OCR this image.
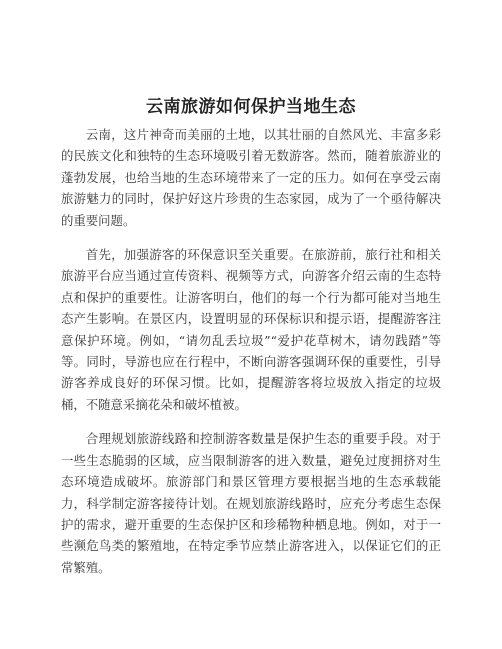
云南旅游如何保护当地生态

云南，这片神奇而美丽的土地，以其壮丽的自然风光、丰富多彩的民族文化和独特的生态环境吸引着无数游客。然而，随着旅游业的蓬勃发展，也给当地的生态环境带来了一定的压力。如何在享受云南旅游魅力的同时，保护好这片珍贵的生态家园，成为了一个亟待解决的重要问题。

首先，加强游客的环保意识至关重要。在旅游前，旅行社和相关旅游平台应当通过宣传资料、视频等方式，向游客介绍云南的生态特点和保护的重要性。让游客明白，他们的每一个行为都可能对当地生态产生影响。在景区内，设置明显的环保标识和提示语，提醒游客注意保护环境。例如，“请勿乱丢垃圾”“爱护花草树木，请勿践踏”等等。同时，导游也应在行程中，不断向游客强调环保的重要性，引导游客养成良好的环保习惯。比如，提醒游客将垃圾放入指定的垃圾桶，不随意采摘花朵和破坏植被。

合理规划旅游线路和控制游客数量是保护生态的重要手段。对于一些生态脆弱的区域，应当限制游客的进入数量，避免过度拥挤对生态环境造成破坏。旅游部门和景区管理方要根据当地的生态承载能力，科学制定游客接待计划。在规划旅游线路时，应充分考虑生态保护的需求，避开重要的生态保护区和珍稀物种栖息地。例如，对于一些濒危鸟类的繁殖地，在特定季节应禁止游客进入，以保证它们的正常繁殖。
